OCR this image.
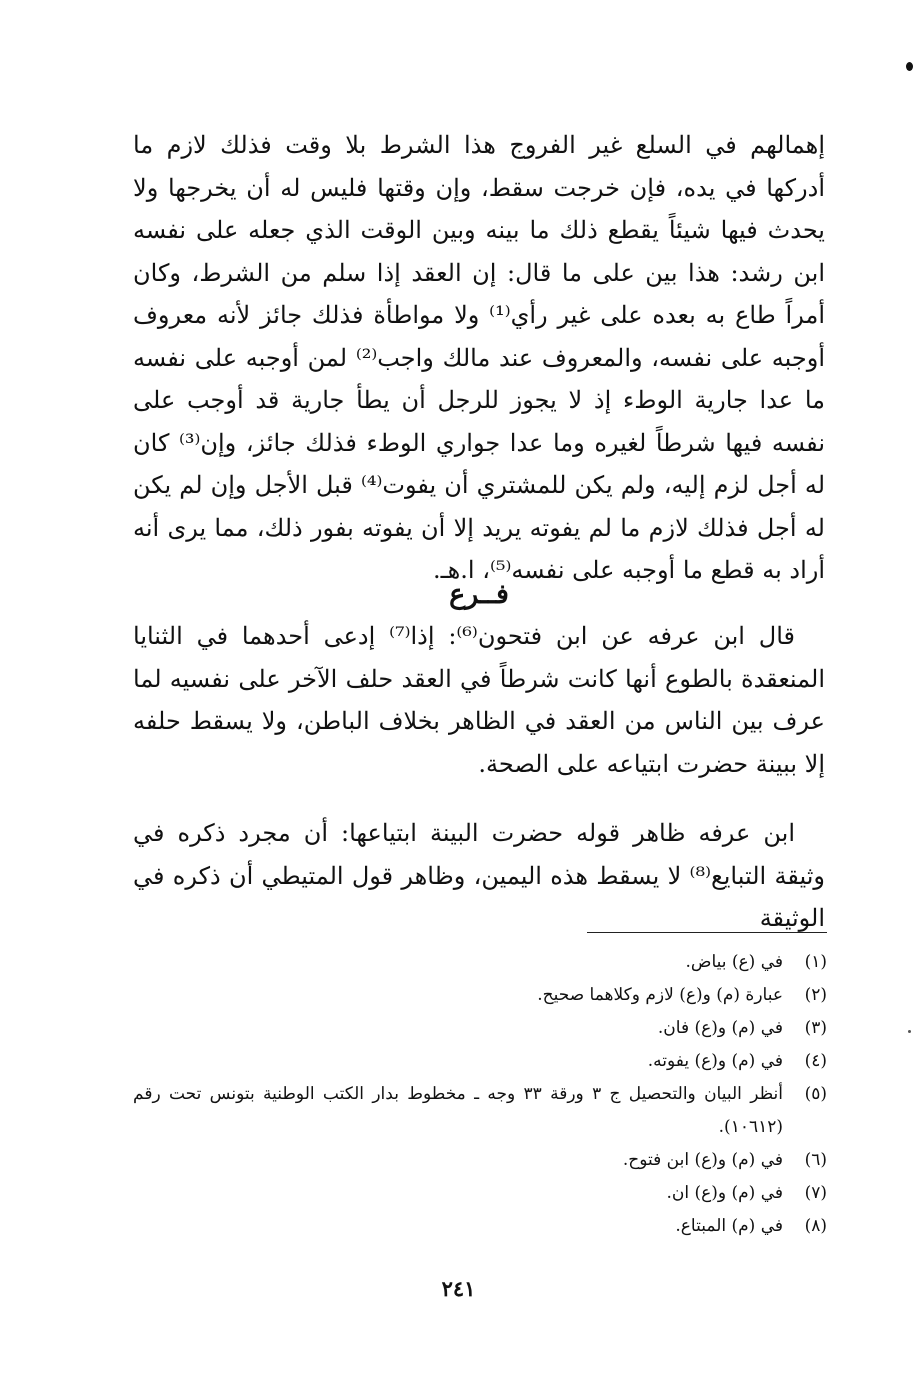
إهمالهم في السلع غير الفروج هذا الشرط بلا وقت فذلك لازم ما أدركها في يده، فإن خرجت سقط، وإن وقتها فليس له أن يخرجها ولا يحدث فيها شيئاً يقطع ذلك ما بينه وبين الوقت الذي جعله على نفسه ابن رشد: هذا بين على ما قال: إن العقد إذا سلم من الشرط، وكان أمراً طاع به بعده على غير رأي⁽¹⁾ ولا مواطأة فذلك جائز لأنه معروف أوجبه على نفسه، والمعروف عند مالك واجب⁽²⁾ لمن أوجبه على نفسه ما عدا جارية الوطء إذ لا يجوز للرجل أن يطأ جارية قد أوجب على نفسه فيها شرطاً لغيره وما عدا جواري الوطء فذلك جائز، وإن⁽³⁾ كان له أجل لزم إليه، ولم يكن للمشتري أن يفوت⁽⁴⁾ قبل الأجل وإن لم يكن له أجل فذلك لازم ما لم يفوته يريد إلا أن يفوته بفور ذلك، مما يرى أنه أراد به قطع ما أوجبه على نفسه⁽⁵⁾، ا.هـ.

فــرع

قال ابن عرفه عن ابن فتحون⁽⁶⁾: إذا⁽⁷⁾ إدعى أحدهما في الثنايا المنعقدة بالطوع أنها كانت شرطاً في العقد حلف الآخر على نفسيه لما عرف بين الناس من العقد في الظاهر بخلاف الباطن، ولا يسقط حلفه إلا ببينة حضرت ابتياعه على الصحة.

ابن عرفه ظاهر قوله حضرت البينة ابتياعها: أن مجرد ذكره في وثيقة التبايع⁽⁸⁾ لا يسقط هذه اليمين، وظاهر قول المتيطي أن ذكره في الوثيقة

(١)
في (ع) بياض.
(٢)
عبارة (م) و(ع) لازم وكلاهما صحيح.
(٣)
في (م) و(ع) فان.
(٤)
في (م) و(ع) يفوته.
(٥)
أنظر البيان والتحصيل ج ٣ ورقة ٣٣ وجه ـ مخطوط بدار الكتب الوطنية بتونس تحت رقم (١٠٦١٢).
(٦)
في (م) و(ع) ابن فتوح.
(٧)
في (م) و(ع) ان.
(٨)
في (م) المبتاع.
٢٤١
